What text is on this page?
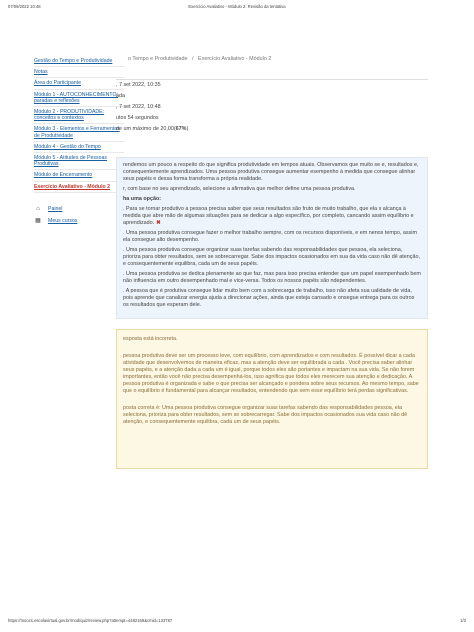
07/09/2022 10:48	Exercício Avaliativo - Módulo 2: Revisão da tentativa
Gestão do Tempo e Produtividade
Notas
Área do Participante
Módulo 1 - AUTOCONHECIMENTO: paradas e reflexões
Módulo 2 - PRODUTIVIDADE: conceitos e contextos
Módulo 3 - Elementos e Ferramentas de Produtividade
Módulo 4 - Gestão do Tempo
Módulo 5 - Atitudes de Pessoas Produtivas
Módulo de Encerramento
Exercício Avaliativo - Módulo 2
⌂	Painel
▦ Meus cursos
o Tempo e Produtividade / Exercício Avaliativo - Módulo 2
, 7 set 2022, 10:35
ada
, 7 set 2022, 10:48
utos 54 segundos
de um máximo de 20,00(67%)

rendemos um pouco a respeito do que significa produtividade em tempos atuais. Observamos que muito se e, resultados e, consequentemente aprendizados. Uma pessoa produtiva consegue aumentar esempenho à medida que consegue alinhar seus papéis e dessa forma transforma a própria realidade.

r, com base no seu aprendizado, selecione a afirmativa que melhor define uma pessoa produtiva.

ha uma opção:

. Para se tornar produtivo a pessoa precisa saber que seus resultados são fruto de muito trabalho, que ela s alcança à medida que abre mão de algumas situações para se dedicar a algo específico, por completo, cancando assim equilíbrio e aprendizado. ✖

. Uma pessoa produtiva consegue fazer o melhor trabalho sempre, com os recursos disponíveis, e em nenos tempo, assim ela consegue alto desempenho.

. Uma pessoa produtiva consegue organizar suas tarefas sabendo das responsabilidades que pessoa, ela seleciona, prioriza para obter resultados, sem se sobrecarregar. Sabe dos impactos ocasionados em sua da vida caso não dê atenção, e consequentemente equilibra, cada um de seus papéis.

. Uma pessoa produtiva se dedica plenamente ao que faz, mas para isso precisa entender que um papel esempenhado bem não influencia em outro desempenhado mal e vice-versa. Todos os nossos papéis são ndependentes.

. A pessoa que é produtiva consegue lidar muito bem com a sobrecarga de trabalho, isso não afeta sua ualidade de vida, pois aprende que canalizar energia ajuda a direcionar ações, ainda que esteja cansado e onsegue entrega para os outros os resultados que esperam dele.

esposta está incorreta.

pessoa produtiva deve ser um processo leve, com equilíbrio, com aprendizados e com resultados. É possível dicar a cada atividade que desenvolvemos de maneira eficaz, mas a atenção deve ser equilibrada a cada . Você precisa saber alinhar seus papéis, e a atenção dada a cada um é igual, porque todos eles são portantes e impactam na sua vida. Se não forem importantes, então você não precisa desempenhá-los, isso agnifica que todos eles merecem sua atenção e dedicação. A pessoa produtiva é organizada e sabe o que precisa ser alcançado e pondera sobre seus recursos. Ao mesmo tempo, sabe que o equilíbrio é fundamental para alcançar resultados, entendendo que sem esse equilíbrio terá perdas significativas.

posta correta é: Uma pessoa produtiva consegue organizar suas tarefas sabendo das responsabilidades pessoa, ela seleciona, prioriza para obter resultados, sem se sobrecarregar. Sabe dos impactos ocasionados sua vida caso não dê atenção, e consequentemente equilibra, cada um de seus papéis.

https://moocs.escolavirtual.gov.br/mod/quiz/review.php?attempt=4482169&cmid=133787	1/3
